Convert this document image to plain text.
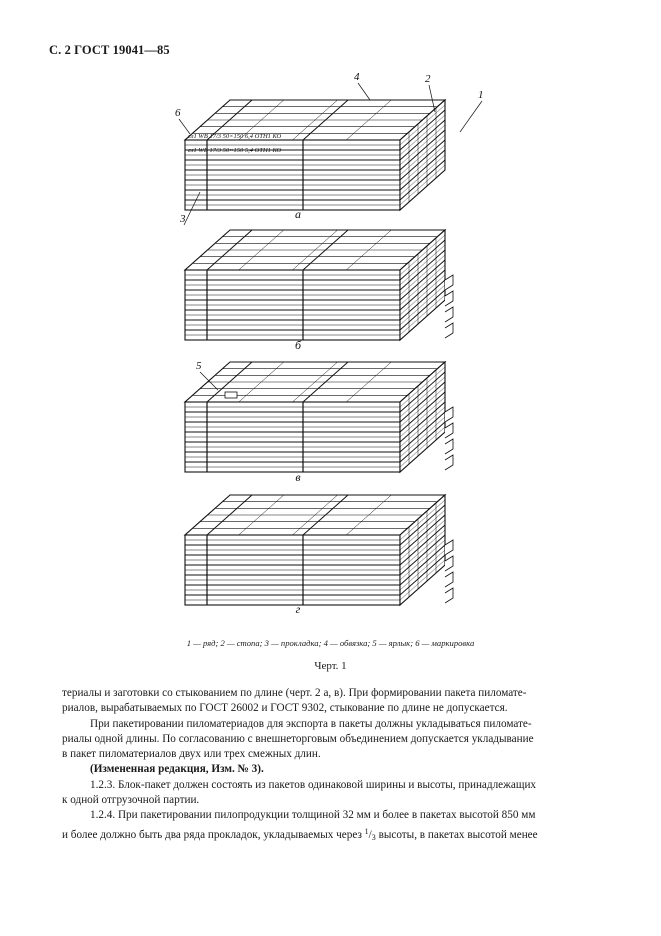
С. 2 ГОСТ 19041—85
ел1 WB 17/3 50×150 6,4 ОТН1 КО
ел1 WB 17/3 50×150 5,4 ОТН1 КО
1
2
4
6
3
5
а
б
в
г
1 — ряд; 2 — стопа; 3 — прокладка; 4 — обвязка; 5 — ярлык; 6 — маркировка
Черт. 1

териалы и заготовки со стыкованием по длине (черт. 2 а, в). При формировании пакета пиломате-

риалов, вырабатываемых по ГОСТ 26002 и ГОСТ 9302, стыкование по длине не допускается.

При пакетировании пиломатериадов для экспорта в пакеты должны укладываться пиломате-

риалы одной длины. По согласованию с внешнеторговым объединением допускается укладывание

в пакет пиломатериалов двух или трех смежных длин.

(Измененная редакция, Изм. № 3).

1.2.3. Блок-пакет должен состоять из пакетов одинаковой ширины и высоты, принадлежащих

к одной отгрузочной партии.

1.2.4. При пакетировании пилопродукции толщиной 32 мм и более в пакетах высотой 850 мм

и более должно быть два ряда прокладок, укладываемых через $^1$/3 высоты, в пакетах высотой менее
